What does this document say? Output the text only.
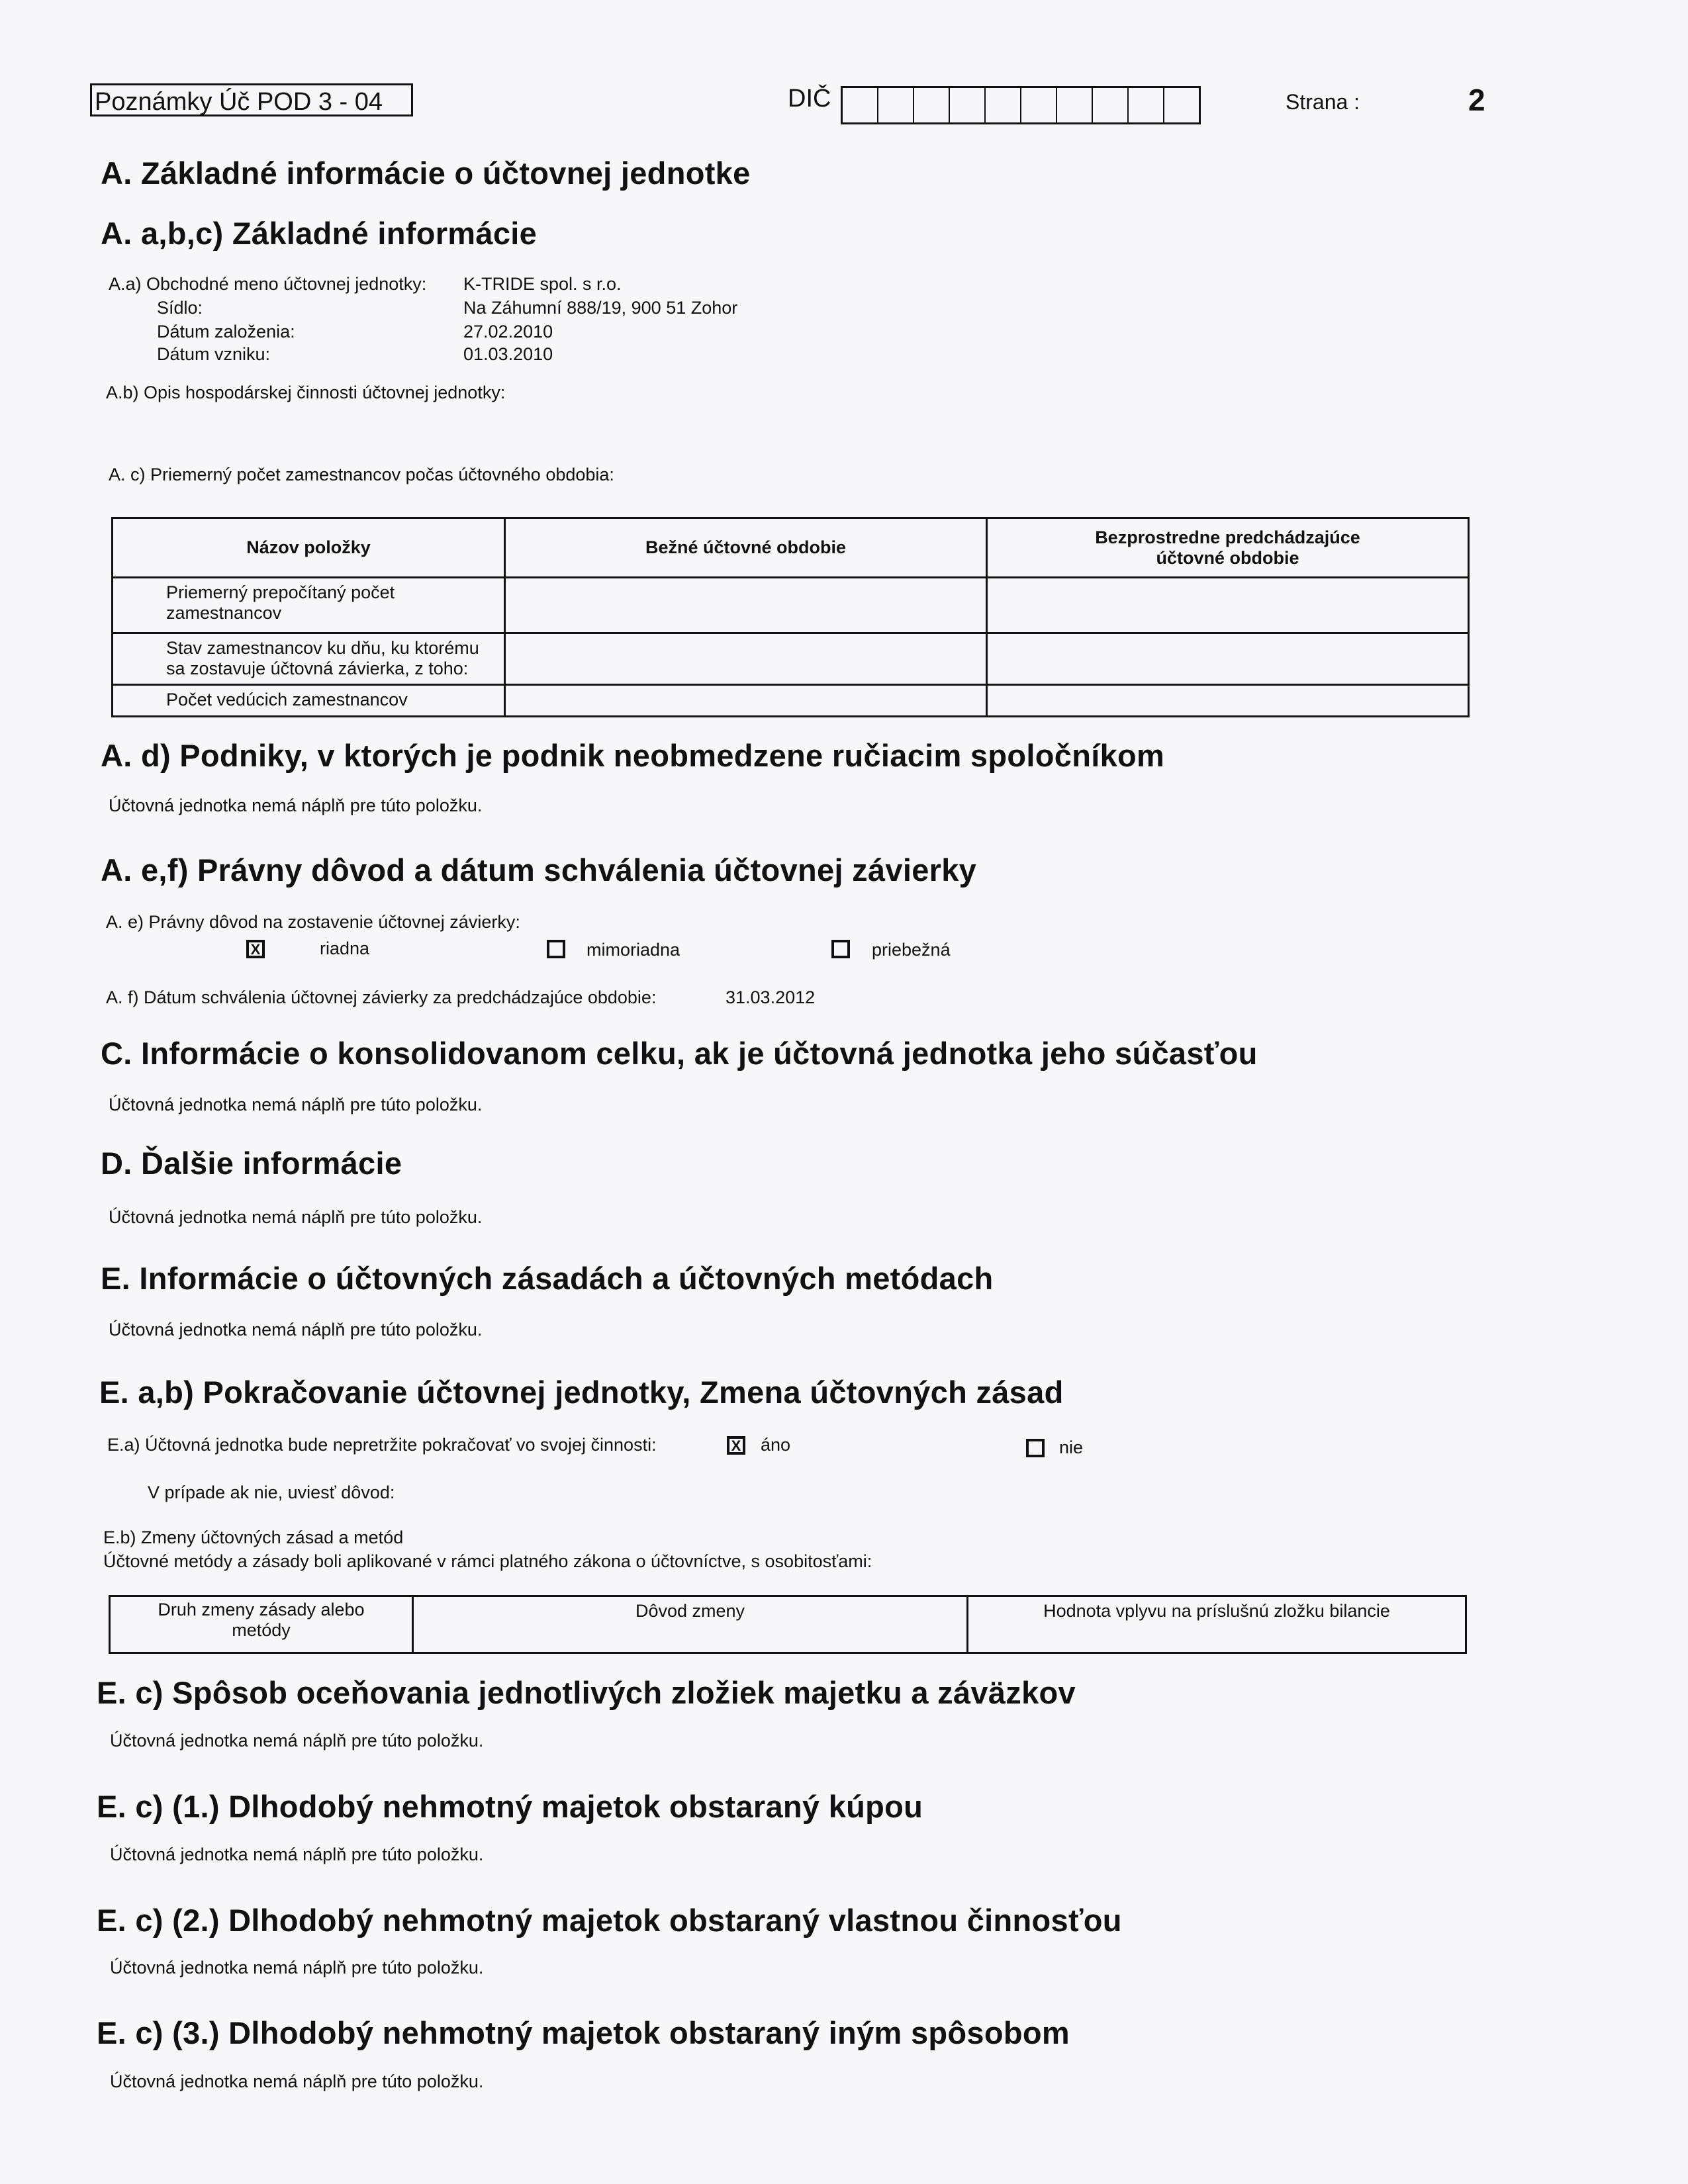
Poznámky Úč POD 3 - 04	DIČ	Strana :	2
A. Základné informácie o účtovnej jednotke
A. a,b,c) Základné informácie
A.a) Obchodné meno účtovnej jednotky: K-TRIDE spol. s r.o.
Sídlo:	Na Záhumní 888/19, 900 51 Zohor
Dátum založenia:	27.02.2010
Dátum vzniku:	01.03.2010
A.b) Opis hospodárskej činnosti účtovnej jednotky:
A. c) Priemerný počet zamestnancov počas účtovného obdobia:
Názov položky	Bežné účtovné obdobie	Bezprostredne predchádzajúce účtovné obdobie
Priemerný prepočítaný počet zamestnancov		
Stav zamestnancov ku dňu, ku ktorému sa zostavuje účtovná závierka, z toho:		
Počet vedúcich zamestnancov		
A. d) Podniky, v ktorých je podnik neobmedzene ručiacim spoločníkom
Účtovná jednotka nemá náplň pre túto položku.
A. e,f) Právny dôvod a dátum schválenia účtovnej závierky
A. e) Právny dôvod na zostavenie účtovnej závierky:
X	riadna	mimoriadna	priebežná
A. f) Dátum schválenia účtovnej závierky za predchádzajúce obdobie:	31.03.2012
C. Informácie o konsolidovanom celku, ak je účtovná jednotka jeho súčasťou
Účtovná jednotka nemá náplň pre túto položku.
D. Ďalšie informácie
Účtovná jednotka nemá náplň pre túto položku.
E. Informácie o účtovných zásadách a účtovných metódach
Účtovná jednotka nemá náplň pre túto položku.
E. a,b) Pokračovanie účtovnej jednotky, Zmena účtovných zásad
E.a) Účtovná jednotka bude nepretržite pokračovať vo svojej činnosti:	X áno	nie
V prípade ak nie, uviesť dôvod:
E.b) Zmeny účtovných zásad a metód
Účtovné metódy a zásady boli aplikované v rámci platného zákona o účtovníctve, s osobitosťami:
Druh zmeny zásady alebo metódy	Dôvod zmeny	Hodnota vplyvu na príslušnú zložku bilancie
E. c) Spôsob oceňovania jednotlivých zložiek majetku a záväzkov
Účtovná jednotka nemá náplň pre túto položku.
E. c) (1.) Dlhodobý nehmotný majetok obstaraný kúpou
Účtovná jednotka nemá náplň pre túto položku.
E. c) (2.) Dlhodobý nehmotný majetok obstaraný vlastnou činnosťou
Účtovná jednotka nemá náplň pre túto položku.
E. c) (3.) Dlhodobý nehmotný majetok obstaraný iným spôsobom
Účtovná jednotka nemá náplň pre túto položku.
